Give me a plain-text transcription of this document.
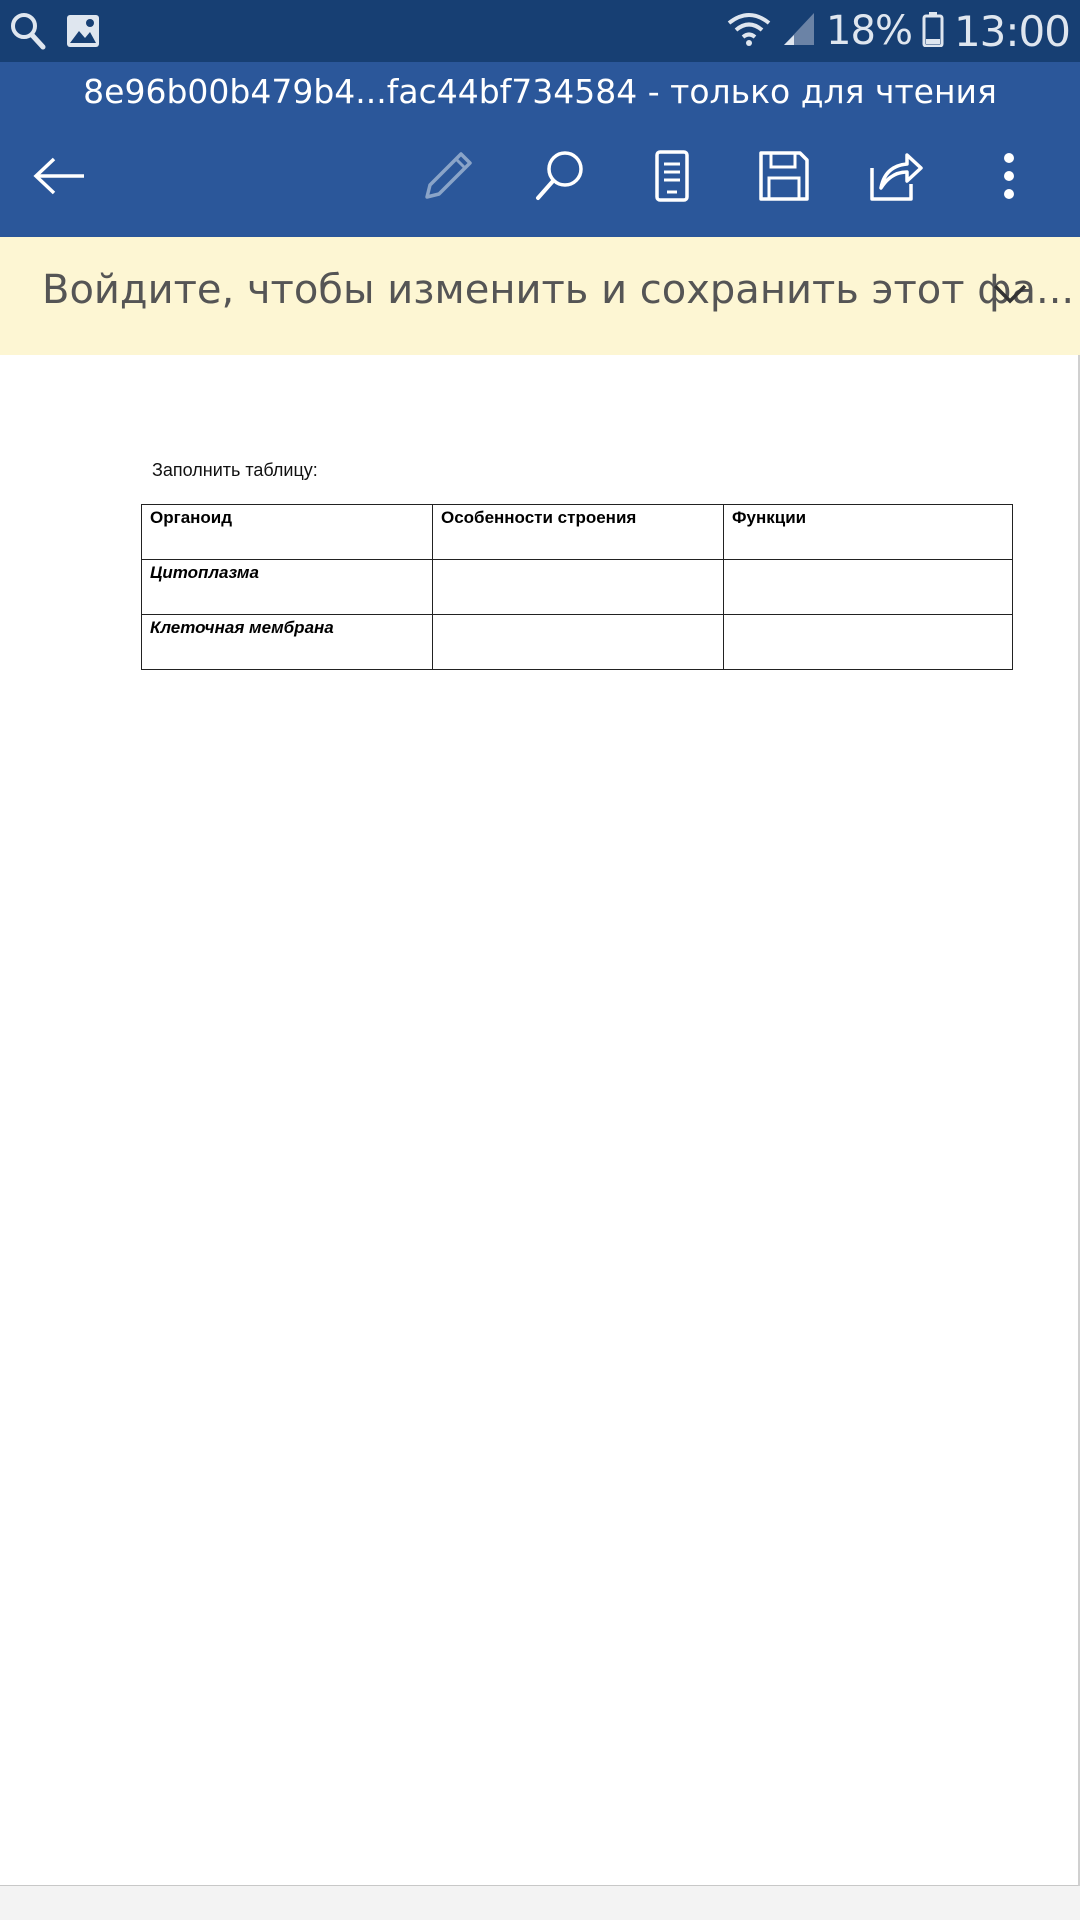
18% 13:00
8e96b00b479b4...fac44bf734584 - только для чтения
Войдите, чтобы изменить и сохранить этот фа...
Заполнить таблицу:
Органоид	Особенности строения	Функции
Цитоплазма		
Клеточная мембрана		
